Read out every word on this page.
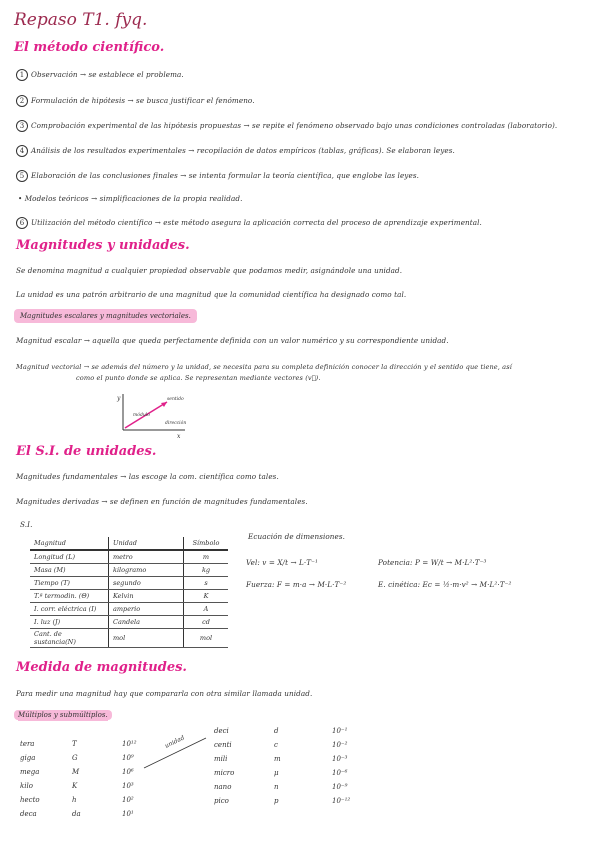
Repaso T1. fyq.
El método científico.
1 Observación → se establece el problema.
2 Formulación de hipótesis → se busca justificar el fenómeno.
3 Comprobación experimental de las hipótesis propuestas → se repite el fenómeno observado bajo unas condiciones controladas (laboratorio).
4 Análisis de los resultados experimentales → recopilación de datos empíricos (tablas, gráficas). Se elaboran leyes.
5 Elaboración de las conclusiones finales → se intenta formular la teoría científica, que englobe las leyes.
• Modelos teóricos → simplificaciones de la propia realidad.
6 Utilización del método científico → este método asegura la aplicación correcta del proceso de aprendizaje experimental.
Magnitudes y unidades.
Se denomina magnitud a cualquier propiedad observable que podamos medir, asignándole una unidad.
La unidad es una patrón arbitrario de una magnitud que la comunidad científica ha designado como tal.
Magnitudes escalares y magnitudes vectoriales.
Magnitud escalar → aquella que queda perfectamente definida con un valor numérico y su correspondiente unidad.
Magnitud vectorial → se además del número y la unidad, se necesita para su completa definición conocer la dirección y el sentido que tiene, así
como el punto donde se aplica. Se representan mediante vectores (v⃗).
y
x
sentido
módulo
dirección
El S.I. de unidades.
Magnitudes fundamentales → las escoge la com. científica como tales.
Magnitudes derivadas → se definen en función de magnitudes fundamentales.
S.I.
Magnitud	Unidad	Símbolo
Longitud (L)	metro	m
Masa (M)	kilogramo	kg
Tiempo (T)	segundo	s
T.ª termodin. (Θ)	Kelvin	K
I. corr. eléctrica (I)	amperio	A
I. luz (J)	Candela	cd
Cant. de sustancia(N)	mol	mol
Ecuación de dimensiones.
Vel: v = X/t → L·T⁻¹
Fuerza: F = m·a → M·L·T⁻²
Potencia: P = W/t → M·L²·T⁻³
E. cinética: Ec = ½·m·v² → M·L²·T⁻²
Medida de magnitudes.
Para medir una magnitud hay que compararla con otra similar llamada unidad.
Múltiplos y submúltiplos.
tera	T	10¹²
giga	G	10⁹
mega	M	10⁶
kilo	K	10³
hecto	h	10²
deca	da	10¹
unidad
deci	d	10⁻¹
centi	c	10⁻²
mili	m	10⁻³
micro	μ	10⁻⁶
nano	n	10⁻⁹
pico	p	10⁻¹²
